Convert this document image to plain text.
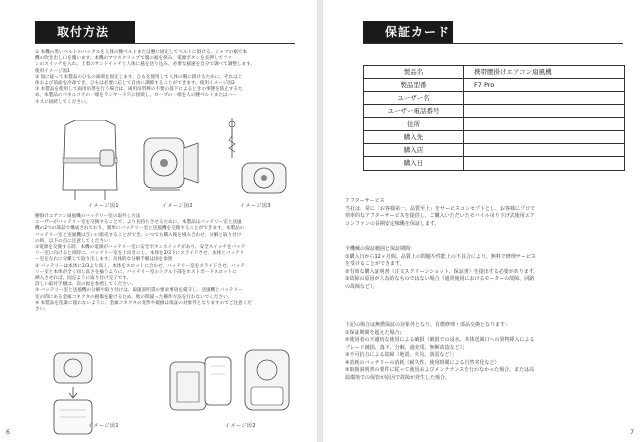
取付方法
① 本機の黒いベルトのバックルを人体の腰ベルトまたは腰に固定してベルトに掛ける。シャツの裾で本
機の吹き出し口を覆います。本機のマウスクリップで服の裾を挟み、電源ボタンを長押しでファ
ンのスイッチを入れ、上着のサンドイッチと人体に風を送り込み、必要な風速を自分で調べて調整します。
使用イメージ図1
② 図に従って本製品のひもの両端を固定します。ひもを使用して人体の胸に掛けるために、それは上
体および前面を冷却でき、ひもは必要に応じて自由に調節することができます。使用イメージ図2
③ 本製品を使用して両用吊帯を行う場合は、両用吊帯棒の不要の落下によるときの事態を防止するた
め、本製品のパネルコアの一端をランヤード穴に接続し、ロープの一端を人の腰ベルトまたはハー
ネスに接続してください。
イメージ図1	イメージ図2	イメージ図3
腰掛けエアコン扇風機のバッテリー室の取外し方法
ユーザーがバッテリー室を交換することで、より長持ちさせるために、本製品はバッテリー室と送風
機の2つの部品で構成されており、簡単にバッテリー室と送風機を交換することができます。本製品の
バッテリー室と送風機は互いに販売することができ、いつでも購入後を組み合わせ、分解と取り付け
の時、以下の点に注意してください：
①電源を交換する時、本機の電源がバッテリー室に安全ボタンスイッチがあり、安全スイッチをバッテ
リー室に向けると同時に、バッテリー室を上向きにし、本体を2/3下にスライドさせ、本体とバッテリ
ー室を左右に分離して取り出します。具体的な分解手順は図を参照
② バッテリーは本体に2/3より高く、本体をスロットに合わせ、バッテリー室をスライドさせ、バッテ
リー室と本体が全く同じ高さを揃うように、バッテリー室のトグル下部をホストボードスロットに
挿入させれば、固定ように取り付け完了です。
詳しい取付手順は、次の図を参照してください。
③ バッテリー室と送風機の分解や取り付けは、取扱説明書の要求事項を厳守し、送風機とバッテリー
室の間にある金属コネクタの損傷を避けるため、他の間違った操作方法を行わないでください。
④ 本製品を乱暴に扱わないように、金属コネクタの変形や破損は保証の対象外となりますのでご注意くだ
さい。
イメージ図1	イメージ図2
6
保証カード
製品名	携帯腰掛けエアコン扇風機
製品型番	F7 Pro
ユーザー名
ユーザー電話番号
住所
購入先
購入店
購入日
アフターサービス
当社は、常に「お客様第一、品質至上」をサービスコンセプトとし、お客様にプロで
効率的なアフターサービスを提供し、ご購入いただいたモバイル吊り下げ式使用エア
コンファンの長期安定稼働を保証します。
全機械の保証範囲と保証期間：
①購入日から12ヶ月間、品質上の問題や性能上の不具合により、無料で修理サービス
を受けることができます。
②有効な購入証明書（注文スクリーンショット、保証書）を提出する必要があります。
③故障の原因が人為的なものではない場合（通常使用におけるモーターの故障、回路
の故障など）。
下記の場合は無償保証の対象外となり、有償修理・部品交換となります：
①保証期間を超えた場合；
②使用者の不適切な使用による破損（破損での浸水、本体送風口への異物挿入による
ブレード破損、落下、分解、過充電、無断改造など）；
③不可抗力による故障（地震、火災、落雷など）；
④消耗のバッテリーの消耗（耐久性、使用時間による自然劣化など）
⑤取扱説明書の要件に従って使用およびメンテナンスを行わなかった場合、または高
温環境での保管が原因で故障が発生した場合。
7
